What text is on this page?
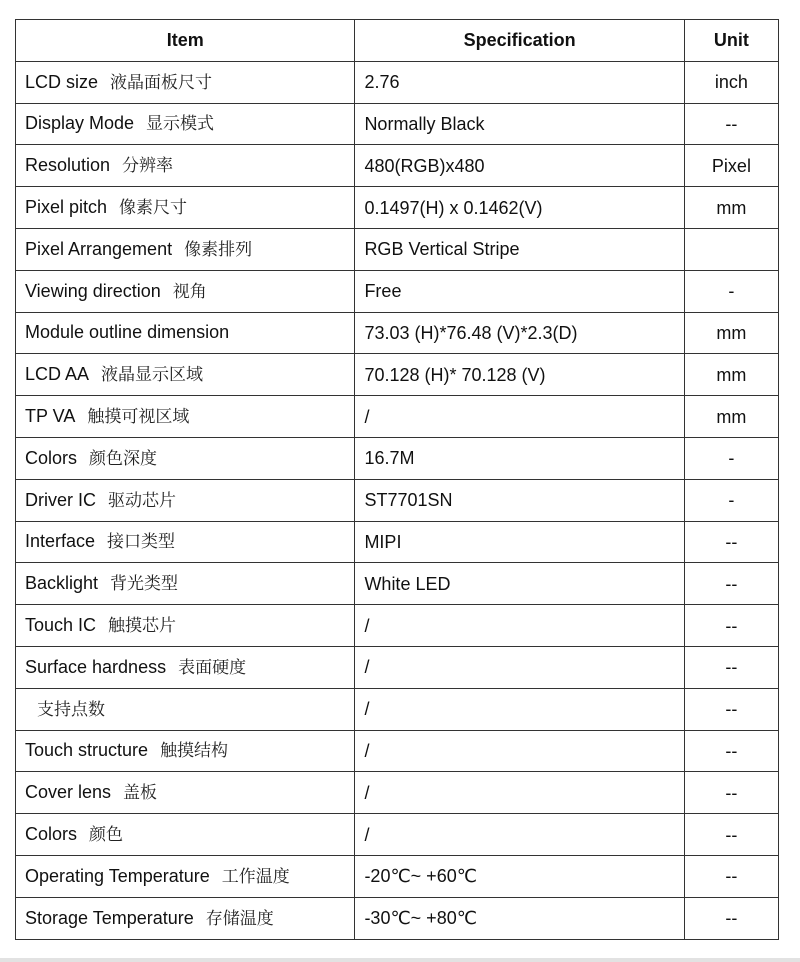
Item	Specification	Unit
LCD size 液晶面板尺寸	2.76	inch
Display Mode 显示模式	Normally Black	--
Resolution 分辨率	480(RGB)x480	Pixel
Pixel pitch 像素尺寸	0.1497(H) x 0.1462(V)	mm
Pixel Arrangement 像素排列	RGB Vertical Stripe	
Viewing direction 视角	Free	-
Module outline dimension	73.03 (H)*76.48 (V)*2.3(D)	mm
LCD AA 液晶显示区域	70.128 (H)* 70.128 (V)	mm
TP VA 触摸可视区域	/	mm
Colors 颜色深度	16.7M	-
Driver IC 驱动芯片	ST7701SN	-
Interface 接口类型	MIPI	--
Backlight 背光类型	White LED	--
Touch IC 触摸芯片	/	--
Surface hardness 表面硬度	/	--
支持点数	/	--
Touch structure 触摸结构	/	--
Cover lens 盖板	/	--
Colors 颜色	/	--
Operating Temperature 工作温度	-20℃~ +60℃	--
Storage Temperature 存储温度	-30℃~ +80℃	--
